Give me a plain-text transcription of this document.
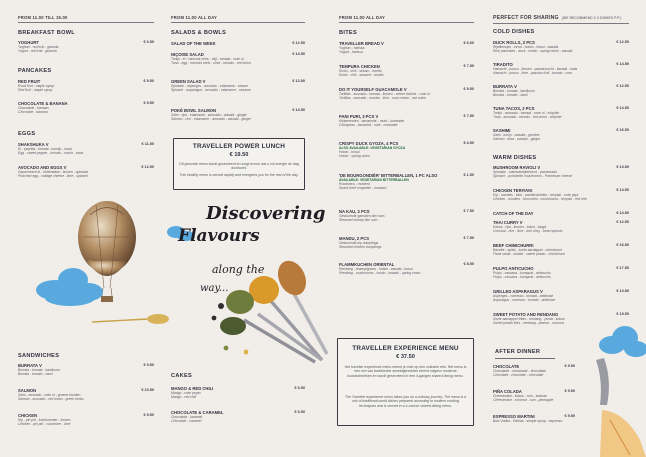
FROM 11.00 TILL 15.00
BREAKFAST BOWL
YOGHURT	€ 6.50
Yoghurt - red fruit - granola
Yogurt - red fruit - granola
PANCAKES
RED FRUIT	€ 9.50
Rood fruit - maple syrup
Red fruit - maple syrup
CHOCOLATE & BANANA	€ 9.50
Chocolade - banaan
Chocolate - banana
EGGS
SHAKSHUKA V	€ 11.50
Ei - paprika - tomaat - komijn - toast
Egg - sweet pepper - tomato - cumin - toast
AVOCADO AND EGGS V	€ 12.50
Gepocheerd ei - hüttenkäse - limoen - spinazie
Poached egg - cottage cheese - lime - spinach
SANDWICHES
BURRATA V	€ 9.50
Burrata - tomaat - basilicum
Burrata - tomato - basil
SALMON	€ 10.50
Zalm - avocado - rode ui - groene kruiden
Salmon - avocado - red onion - green herbs
CHICKEN	€ 9.50
Kip - piri piri - komkommer - limoen
Chicken - piri piri - cucumber - lime
FROM 11.00 ALL DAY
SALADS & BOWLS
SALAD OF THE WEEK	€ 12.50
NIÇOISE SALAD	€ 14.50
Tonijn - ei - haricots verts - olijf - tomaat - rode ui
Tuna - egg - haricots verts - olive - tomato - red onion
GREEN SALAD V	€ 12.50
Spinazie - asperges - avocado - edamame - sesam
Spinach - asparagus - avocado - edamame - sesame
POKÉ BOWL SALMON	€ 14.50
Zalm - rijst - edamame - avocado - wasabi - ginger
Salmon - rice - edamame - avocado - wasabi - ginger
TRAVELLER POWER LUNCH
€ 19.50
Dit gezonde menu wordt geserveerd en zorgt ervoor dat u vol energie de dag doorkomt.
This healthy menu is served rapidly and energises you for the rest of the day.
CAKES
MANGO & RED CHILI	€ 6.50
Mango - rode peper
Mango - red chili
CHOCOLATE & CARAMEL	€ 6.50
Chocolade - karamel
Chocolate - caramel
Discovering
Flavours
along the
way...
FROM 11.00 ALL DAY
BITES
TRAVELLER BREAD V	€ 6.00
Yoghurt - harissa
Yogurt - harissa
TEMPURA CHICKEN	€ 7.50
Enoki - chili - sesam - bonito
Enoki - chili - sesame - bonito
DO IT YOURSELF GUACAMOLE V	€ 9.50
Tortillas - avocado - tomaat - limoen - crème fraîche - rode ui
Tortillas - avocado - tomato - lime - sour cream - red onion
PANI PURI, 3 PCS V	€ 7.50
Kikkererwten - tamarinde - munt - koriander
Chickpeas - tamarind - mint - coriander
CRISPY DUCK GYOZA, 4 PCS	€ 6.50
ALSO AVAILABLE: VEGETARIAN GYOZA
Hoisin - bosui
Hoisin - spring onion
'DE BOURGONDIËR' BITTERBALLEN, 1 PC ALSO	€ 1.50
AVAILABLE: VEGETARIAN BITTERBALLEN
Roodstreu - mosterd
Snack beef croquette - mustard
NA KAU, 2 PCS	€ 7.50
Gestoomde garnalen dim sum
Steamed shrimp dim sum
MANDU, 2 PCS	€ 7.50
Gestoomde kip dumplings
Steamed chicken dumplings
FLAMMKUCHEN ORIENTAL	€ 8.50
Rendang - champignons - hoisin - wasabi - bosui
Rendang - mushrooms - hoisin - wasabi - spring onion
TRAVELLER EXPERIENCE MENU
€ 37.50
Het traveller experience menu neemt je mee op een culinaire reis. Het menu is een mix van traditionele wereldgerechten bereid volgens moderne kooktechnieken en wordt geserveerd in een 4-gangen shared dining menu.
The Traveller experience menu takes you on a culinary journey. The menu is a mix of traditional world dishes prepared according to modern cooking techniques and is served in a 4-course shared dining menu.
PERFECT FOR SHARING (WE RECOMMEND 2-3 DISHES P.P.)
COLD DISHES
DUCK ROLLS, 2 PCS	€ 12.50
Rijstflensjes - eend - hoisin - bosui - wasabi
Rice pancakes - duck - hoisin - spring onion - wasabi
TIRADITO	€ 14.50
Hamachi - ponzu - limoen - passievrucht - tomaat - mais
Hamachi - ponzu - lime - passion fruit - tomato - corn
BURRATA V	€ 12.50
Burrata - tomaat - basilicum
Burrata - tomato - basil
TUNA TACOS, 2 PCS	€ 14.50
Tonijn - avocado - tomaat - rode ui - chipotle
Tuna - avocado - tomato - red onion - chipotle
SASHIMI	€ 16.50
Zalm - tonijn - wasabi - gember
Salmon - tuna - wasabi - ginger
WARM DISHES
MUSHROOM RAVIOLI V	€ 13.50
Spinazie - wakhasvrijkerkend - parmezaan
Spinach - portobello mushrooms - Parmesan cheese
CHICKEN TERIYAKI	€ 14.50
Kip - noedels - bimi - paddenstoelen - teriyaki - rode pepr
Chicken - noodles - broccolini - mushrooms - teriyaki - red chili
CATCH OF THE DAY	€ 14.50
THAI CURRY V	€ 12.50
Kokos - rijst - limoen - bokoi - taugé
Coconut - rice - lime - bok choy - bean sprouts
BEEF CHIMICHURRI	€ 16.50
Bavette - spitst - zoete aardappel - chimichurri
Flank steak - shallot - sweet potato - chimichurri
PULPO ANTICUCHO	€ 17.50
Pulpo - cassava - kumquat - anticucho
Pulpo - cassava - kumquat - anticucho
GRILLED ASPARAGUS V	€ 13.50
Asperges - romesco - tomaat - antiboise
Asparagus - romesco - tomato - antiboise
SWEET POTATO AND RENDANG	€ 15.50
Zoete aardappel frites - rendang - pinda - kokos
Sweet potato fries - rendang - peanut - coconut
AFTER DINNER
CHOCOLATE	€ 9.50
Chocolade - chocolade - chocolade
Chocolate - chocolate - chocolate
PIÑA COLADA	€ 9.50
Cheesecake - kokos - rum - ananas
Cheesecake - coconut - rum - pineapple
ESPRESSO MARTINI	€ 9.50
Bols Vodka - Kahlúa - simple syrup - espresso
